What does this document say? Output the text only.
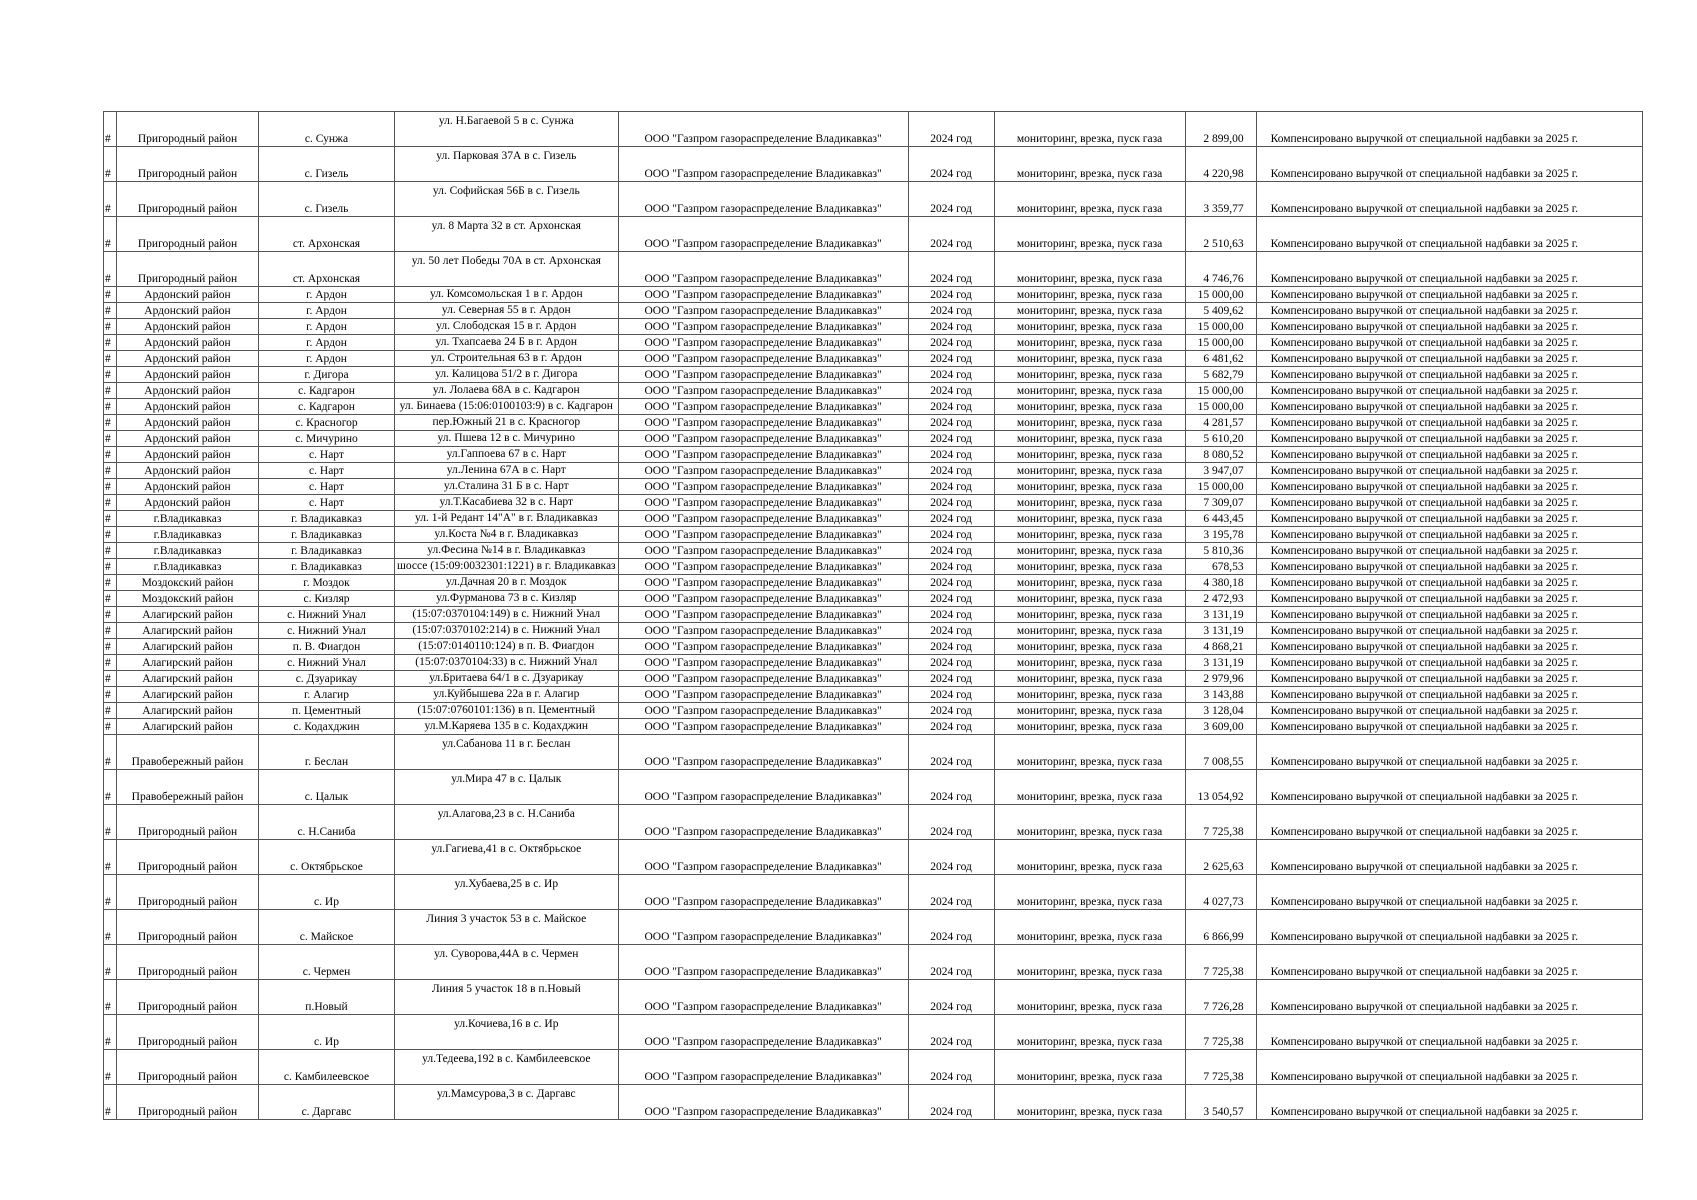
#	Пригородный район	с. Сунжа	ул. Н.Багаевой 5 в с. Сунжа	ООО "Газпром газораспределение Владикавказ"	2024 год	мониторинг, врезка, пуск газа	2 899,00	Компенсировано выручкой от специальной надбавки за 2025 г.
#	Пригородный район	с. Гизель	ул. Парковая 37А в с. Гизель	ООО "Газпром газораспределение Владикавказ"	2024 год	мониторинг, врезка, пуск газа	4 220,98	Компенсировано выручкой от специальной надбавки за 2025 г.
#	Пригородный район	с. Гизель	ул. Софийская 56Б в с. Гизель	ООО "Газпром газораспределение Владикавказ"	2024 год	мониторинг, врезка, пуск газа	3 359,77	Компенсировано выручкой от специальной надбавки за 2025 г.
#	Пригородный район	ст. Архонская	ул. 8 Марта 32 в ст. Архонская	ООО "Газпром газораспределение Владикавказ"	2024 год	мониторинг, врезка, пуск газа	2 510,63	Компенсировано выручкой от специальной надбавки за 2025 г.
#	Пригородный район	ст. Архонская	ул. 50 лет Победы 70А в ст. Архонская	ООО "Газпром газораспределение Владикавказ"	2024 год	мониторинг, врезка, пуск газа	4 746,76	Компенсировано выручкой от специальной надбавки за 2025 г.
#	Ардонский район	г. Ардон	ул. Комсомольская 1 в г. Ардон	ООО "Газпром газораспределение Владикавказ"	2024 год	мониторинг, врезка, пуск газа	15 000,00	Компенсировано выручкой от специальной надбавки за 2025 г.
#	Ардонский район	г. Ардон	ул. Северная 55 в г. Ардон	ООО "Газпром газораспределение Владикавказ"	2024 год	мониторинг, врезка, пуск газа	5 409,62	Компенсировано выручкой от специальной надбавки за 2025 г.
#	Ардонский район	г. Ардон	ул. Слободская 15 в г. Ардон	ООО "Газпром газораспределение Владикавказ"	2024 год	мониторинг, врезка, пуск газа	15 000,00	Компенсировано выручкой от специальной надбавки за 2025 г.
#	Ардонский район	г. Ардон	ул. Тхапсаева 24 Б в г. Ардон	ООО "Газпром газораспределение Владикавказ"	2024 год	мониторинг, врезка, пуск газа	15 000,00	Компенсировано выручкой от специальной надбавки за 2025 г.
#	Ардонский район	г. Ардон	ул. Строительная 63 в г. Ардон	ООО "Газпром газораспределение Владикавказ"	2024 год	мониторинг, врезка, пуск газа	6 481,62	Компенсировано выручкой от специальной надбавки за 2025 г.
#	Ардонский район	г. Дигора	ул. Калицова 51/2 в г. Дигора	ООО "Газпром газораспределение Владикавказ"	2024 год	мониторинг, врезка, пуск газа	5 682,79	Компенсировано выручкой от специальной надбавки за 2025 г.
#	Ардонский район	с. Кадгарон	ул. Лолаева 68А в с. Кадгарон	ООО "Газпром газораспределение Владикавказ"	2024 год	мониторинг, врезка, пуск газа	15 000,00	Компенсировано выручкой от специальной надбавки за 2025 г.
#	Ардонский район	с. Кадгарон	ул. Бинаева (15:06:0100103:9) в с. Кадгарон	ООО "Газпром газораспределение Владикавказ"	2024 год	мониторинг, врезка, пуск газа	15 000,00	Компенсировано выручкой от специальной надбавки за 2025 г.
#	Ардонский район	с. Красногор	пер.Южный 21 в с. Красногор	ООО "Газпром газораспределение Владикавказ"	2024 год	мониторинг, врезка, пуск газа	4 281,57	Компенсировано выручкой от специальной надбавки за 2025 г.
#	Ардонский район	с. Мичурино	ул. Пшева 12 в с. Мичурино	ООО "Газпром газораспределение Владикавказ"	2024 год	мониторинг, врезка, пуск газа	5 610,20	Компенсировано выручкой от специальной надбавки за 2025 г.
#	Ардонский район	с. Нарт	ул.Гаппоева 67 в с. Нарт	ООО "Газпром газораспределение Владикавказ"	2024 год	мониторинг, врезка, пуск газа	8 080,52	Компенсировано выручкой от специальной надбавки за 2025 г.
#	Ардонский район	с. Нарт	ул.Ленина 67А в с. Нарт	ООО "Газпром газораспределение Владикавказ"	2024 год	мониторинг, врезка, пуск газа	3 947,07	Компенсировано выручкой от специальной надбавки за 2025 г.
#	Ардонский район	с. Нарт	ул.Сталина 31 Б в с. Нарт	ООО "Газпром газораспределение Владикавказ"	2024 год	мониторинг, врезка, пуск газа	15 000,00	Компенсировано выручкой от специальной надбавки за 2025 г.
#	Ардонский район	с. Нарт	ул.Т.Касабиева 32 в с. Нарт	ООО "Газпром газораспределение Владикавказ"	2024 год	мониторинг, врезка, пуск газа	7 309,07	Компенсировано выручкой от специальной надбавки за 2025 г.
#	г.Владикавказ	г. Владикавказ	ул. 1-й Редант 14"А" в г. Владикавказ	ООО "Газпром газораспределение Владикавказ"	2024 год	мониторинг, врезка, пуск газа	6 443,45	Компенсировано выручкой от специальной надбавки за 2025 г.
#	г.Владикавказ	г. Владикавказ	ул.Коста №4 в г. Владикавказ	ООО "Газпром газораспределение Владикавказ"	2024 год	мониторинг, врезка, пуск газа	3 195,78	Компенсировано выручкой от специальной надбавки за 2025 г.
#	г.Владикавказ	г. Владикавказ	ул.Фесина №14 в г. Владикавказ	ООО "Газпром газораспределение Владикавказ"	2024 год	мониторинг, врезка, пуск газа	5 810,36	Компенсировано выручкой от специальной надбавки за 2025 г.
#	г.Владикавказ	г. Владикавказ	шоссе (15:09:0032301:1221) в г. Владикавказ	ООО "Газпром газораспределение Владикавказ"	2024 год	мониторинг, врезка, пуск газа	678,53	Компенсировано выручкой от специальной надбавки за 2025 г.
#	Моздокский район	г. Моздок	ул.Дачная 20 в г. Моздок	ООО "Газпром газораспределение Владикавказ"	2024 год	мониторинг, врезка, пуск газа	4 380,18	Компенсировано выручкой от специальной надбавки за 2025 г.
#	Моздокский район	с. Кизляр	ул.Фурманова 73 в с. Кизляр	ООО "Газпром газораспределение Владикавказ"	2024 год	мониторинг, врезка, пуск газа	2 472,93	Компенсировано выручкой от специальной надбавки за 2025 г.
#	Алагирский район	с. Нижний Унал	(15:07:0370104:149) в с. Нижний Унал	ООО "Газпром газораспределение Владикавказ"	2024 год	мониторинг, врезка, пуск газа	3 131,19	Компенсировано выручкой от специальной надбавки за 2025 г.
#	Алагирский район	с. Нижний Унал	(15:07:0370102:214) в с. Нижний Унал	ООО "Газпром газораспределение Владикавказ"	2024 год	мониторинг, врезка, пуск газа	3 131,19	Компенсировано выручкой от специальной надбавки за 2025 г.
#	Алагирский район	п. В. Фиагдон	(15:07:0140110:124) в п. В. Фиагдон	ООО "Газпром газораспределение Владикавказ"	2024 год	мониторинг, врезка, пуск газа	4 868,21	Компенсировано выручкой от специальной надбавки за 2025 г.
#	Алагирский район	с. Нижний Унал	(15:07:0370104:33) в с. Нижний Унал	ООО "Газпром газораспределение Владикавказ"	2024 год	мониторинг, врезка, пуск газа	3 131,19	Компенсировано выручкой от специальной надбавки за 2025 г.
#	Алагирский район	с. Дзуарикау	ул.Бритаева 64/1 в с. Дзуарикау	ООО "Газпром газораспределение Владикавказ"	2024 год	мониторинг, врезка, пуск газа	2 979,96	Компенсировано выручкой от специальной надбавки за 2025 г.
#	Алагирский район	г. Алагир	ул.Куйбышева 22а в г. Алагир	ООО "Газпром газораспределение Владикавказ"	2024 год	мониторинг, врезка, пуск газа	3 143,88	Компенсировано выручкой от специальной надбавки за 2025 г.
#	Алагирский район	п. Цементный	(15:07:0760101:136) в п. Цементный	ООО "Газпром газораспределение Владикавказ"	2024 год	мониторинг, врезка, пуск газа	3 128,04	Компенсировано выручкой от специальной надбавки за 2025 г.
#	Алагирский район	с. Кодахджин	ул.М.Каряева 135 в с. Кодахджин	ООО "Газпром газораспределение Владикавказ"	2024 год	мониторинг, врезка, пуск газа	3 609,00	Компенсировано выручкой от специальной надбавки за 2025 г.
#	Правобережный район	г. Беслан	ул.Сабанова 11 в г. Беслан	ООО "Газпром газораспределение Владикавказ"	2024 год	мониторинг, врезка, пуск газа	7 008,55	Компенсировано выручкой от специальной надбавки за 2025 г.
#	Правобережный район	с. Цалык	ул.Мира 47 в с. Цалык	ООО "Газпром газораспределение Владикавказ"	2024 год	мониторинг, врезка, пуск газа	13 054,92	Компенсировано выручкой от специальной надбавки за 2025 г.
#	Пригородный район	с. Н.Саниба	ул.Алагова,23 в с. Н.Саниба	ООО "Газпром газораспределение Владикавказ"	2024 год	мониторинг, врезка, пуск газа	7 725,38	Компенсировано выручкой от специальной надбавки за 2025 г.
#	Пригородный район	с. Октябрьское	ул.Гагиева,41 в с. Октябрьское	ООО "Газпром газораспределение Владикавказ"	2024 год	мониторинг, врезка, пуск газа	2 625,63	Компенсировано выручкой от специальной надбавки за 2025 г.
#	Пригородный район	с. Ир	ул.Хубаева,25 в с. Ир	ООО "Газпром газораспределение Владикавказ"	2024 год	мониторинг, врезка, пуск газа	4 027,73	Компенсировано выручкой от специальной надбавки за 2025 г.
#	Пригородный район	с. Майское	Линия 3 участок 53 в с. Майское	ООО "Газпром газораспределение Владикавказ"	2024 год	мониторинг, врезка, пуск газа	6 866,99	Компенсировано выручкой от специальной надбавки за 2025 г.
#	Пригородный район	с. Чермен	ул. Суворова,44А в с. Чермен	ООО "Газпром газораспределение Владикавказ"	2024 год	мониторинг, врезка, пуск газа	7 725,38	Компенсировано выручкой от специальной надбавки за 2025 г.
#	Пригородный район	п.Новый	Линия 5 участок 18 в п.Новый	ООО "Газпром газораспределение Владикавказ"	2024 год	мониторинг, врезка, пуск газа	7 726,28	Компенсировано выручкой от специальной надбавки за 2025 г.
#	Пригородный район	с. Ир	ул.Кочиева,16 в с. Ир	ООО "Газпром газораспределение Владикавказ"	2024 год	мониторинг, врезка, пуск газа	7 725,38	Компенсировано выручкой от специальной надбавки за 2025 г.
#	Пригородный район	с. Камбилеевское	ул.Тедеева,192 в с. Камбилеевское	ООО "Газпром газораспределение Владикавказ"	2024 год	мониторинг, врезка, пуск газа	7 725,38	Компенсировано выручкой от специальной надбавки за 2025 г.
#	Пригородный район	с. Даргавс	ул.Мамсурова,3 в с. Даргавс	ООО "Газпром газораспределение Владикавказ"	2024 год	мониторинг, врезка, пуск газа	3 540,57	Компенсировано выручкой от специальной надбавки за 2025 г.
